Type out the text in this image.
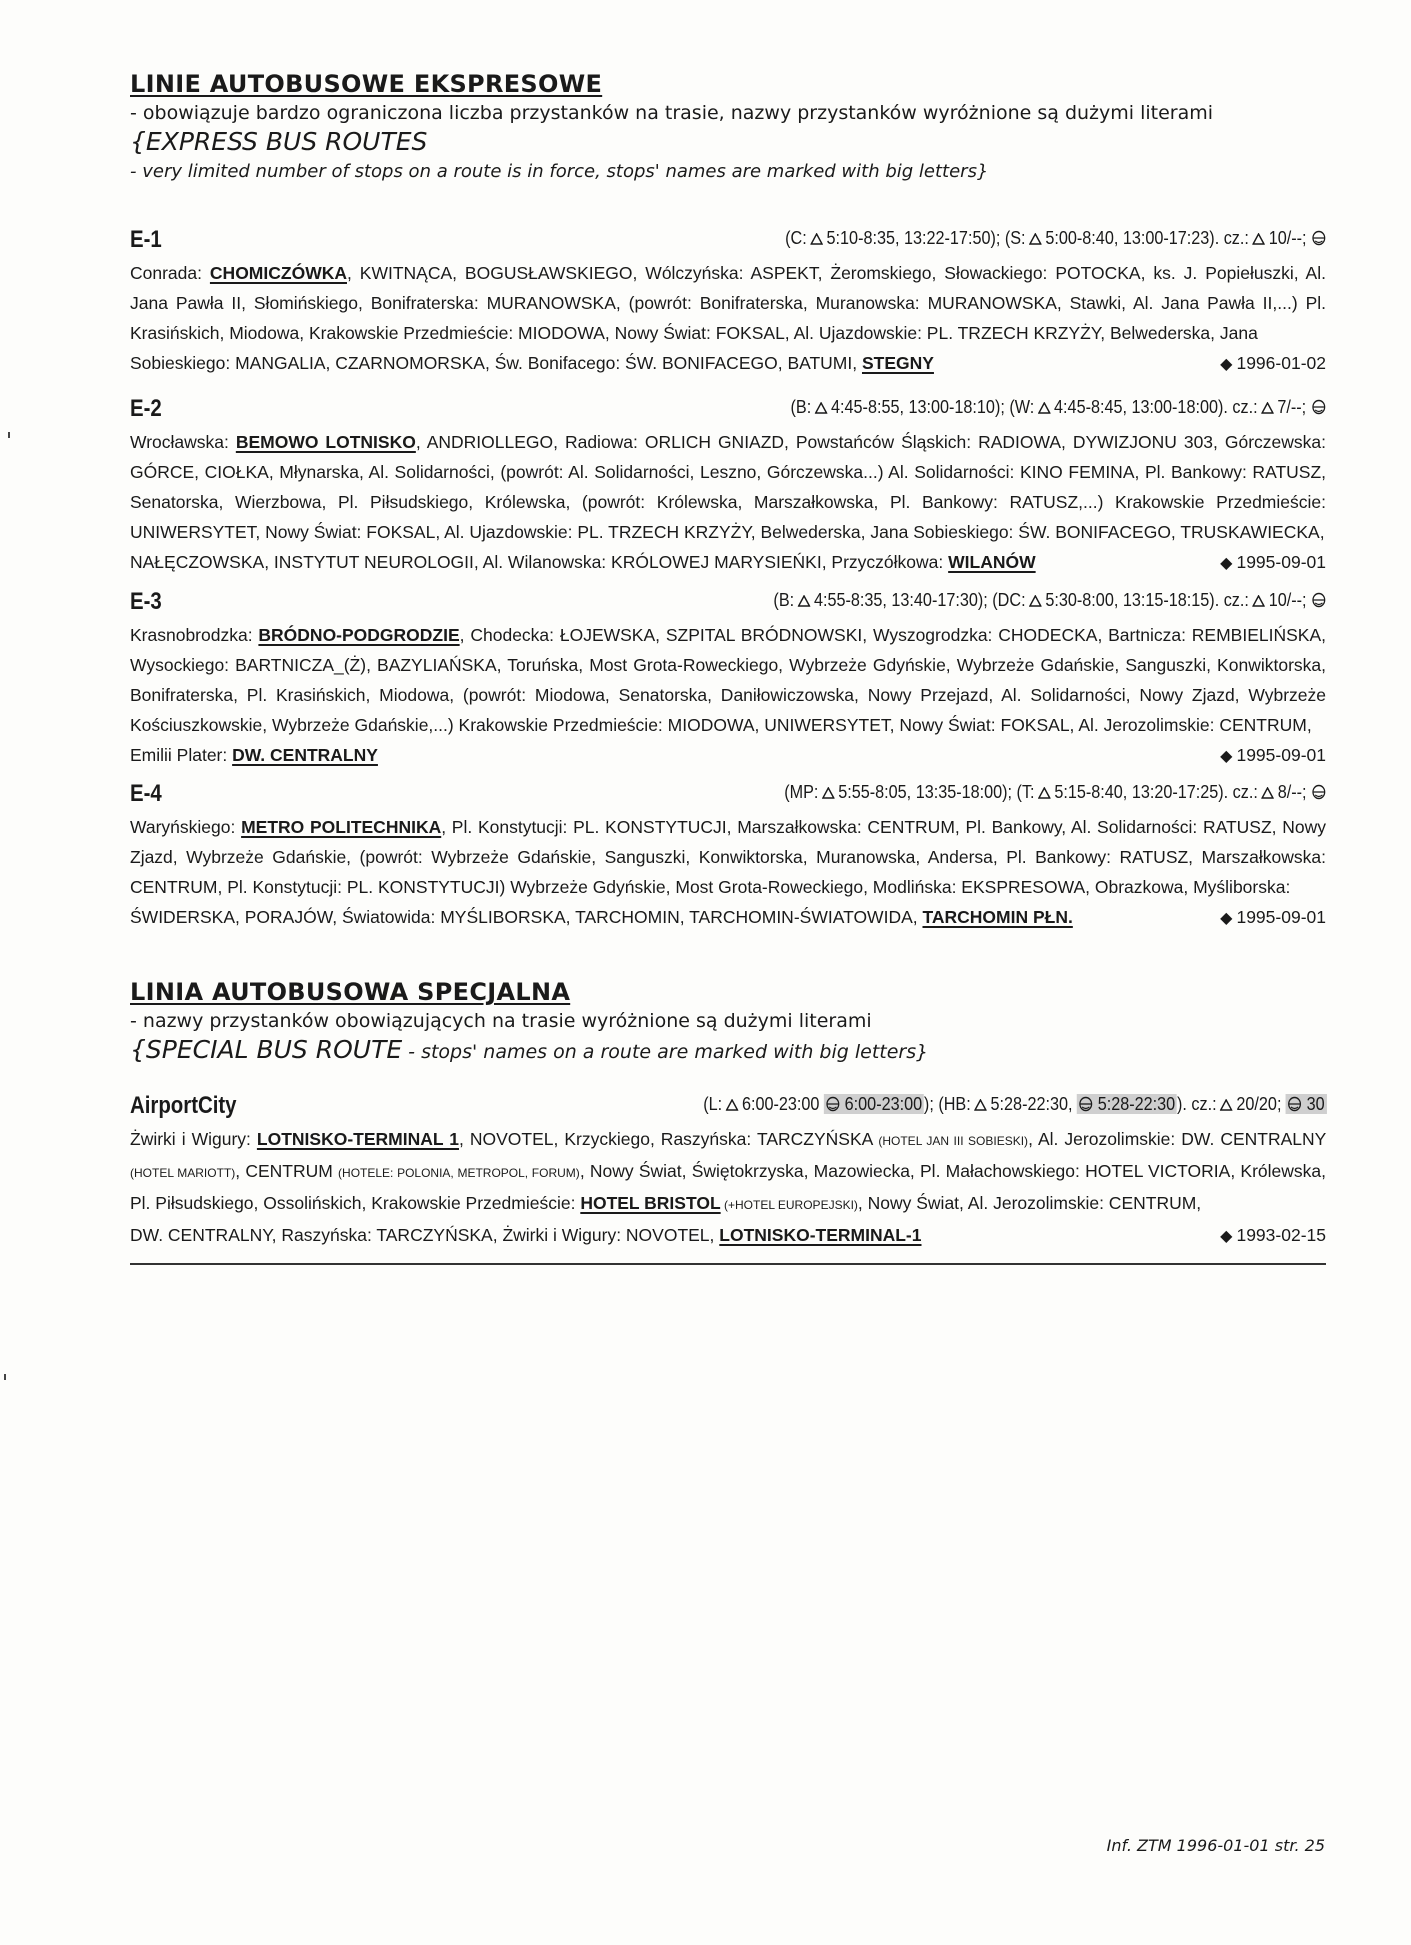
LINIE AUTOBUSOWE EKSPRESOWE
- obowiązuje bardzo ograniczona liczba przystanków na trasie, nazwy przystanków wyróżnione są dużymi literami
{EXPRESS BUS ROUTES
- very limited number of stops on a route is in force, stops' names are marked with big letters}
E-1	(C: 5:10-8:35, 13:22-17:50); (S: 5:00-8:40, 13:00-17:23). cz.: 10/--;
Conrada: CHOMICZÓWKA, KWITNĄCA, BOGUSŁAWSKIEGO, Wólczyńska: ASPEKT, Żeromskiego, Słowackiego: POTOCKA, ks. J. Popiełuszki, Al. Jana Pawła II, Słomińskiego, Bonifraterska: MURANOWSKA, (powrót: Bonifraterska, Muranowska: MURANOWSKA, Stawki, Al. Jana Pawła II,...) Pl. Krasińskich, Miodowa, Krakowskie Przedmieście: MIODOWA, Nowy Świat: FOKSAL, Al. Ujazdowskie: PL. TRZECH KRZYŻY, Belwederska, Jana
Sobieskiego: MANGALIA, CZARNOMORSKA, Św. Bonifacego: ŚW. BONIFACEGO, BATUMI, STEGNY	◆ 1996-01-02
E-2	(B: 4:45-8:55, 13:00-18:10); (W: 4:45-8:45, 13:00-18:00). cz.: 7/--;
Wrocławska: BEMOWO LOTNISKO, ANDRIOLLEGO, Radiowa: ORLICH GNIAZD, Powstańców Śląskich: RADIOWA, DYWIZJONU 303, Górczewska: GÓRCE, CIOŁKA, Młynarska, Al. Solidarności, (powrót: Al. Solidarności, Leszno, Górczewska...) Al. Solidarności: KINO FEMINA, Pl. Bankowy: RATUSZ, Senatorska, Wierzbowa, Pl. Piłsudskiego, Królewska, (powrót: Królewska, Marszałkowska, Pl. Bankowy: RATUSZ,...) Krakowskie Przedmieście: UNIWERSYTET, Nowy Świat: FOKSAL, Al. Ujazdowskie: PL. TRZECH KRZYŻY, Belwederska, Jana Sobieskiego: ŚW. BONIFACEGO, TRUSKAWIECKA,
NAŁĘCZOWSKA, INSTYTUT NEUROLOGII, Al. Wilanowska: KRÓLOWEJ MARYSIEŃKI, Przyczółkowa: WILANÓW	◆ 1995-09-01
E-3	(B: 4:55-8:35, 13:40-17:30); (DC: 5:30-8:00, 13:15-18:15). cz.: 10/--;
Krasnobrodzka: BRÓDNO-PODGRODZIE, Chodecka: ŁOJEWSKA, SZPITAL BRÓDNOWSKI, Wyszogrodzka: CHODECKA, Bartnicza: REMBIELIŃSKA, Wysockiego: BARTNICZA_(Ż), BAZYLIAŃSKA, Toruńska, Most Grota-Roweckiego, Wybrzeże Gdyńskie, Wybrzeże Gdańskie, Sanguszki, Konwiktorska, Bonifraterska, Pl. Krasińskich, Miodowa, (powrót: Miodowa, Senatorska, Daniłowiczowska, Nowy Przejazd, Al. Solidarności, Nowy Zjazd, Wybrzeże Kościuszkowskie, Wybrzeże Gdańskie,...) Krakowskie Przedmieście: MIODOWA, UNIWERSYTET, Nowy Świat: FOKSAL, Al. Jerozolimskie: CENTRUM,
Emilii Plater: DW. CENTRALNY	◆ 1995-09-01
E-4	(MP: 5:55-8:05, 13:35-18:00); (T: 5:15-8:40, 13:20-17:25). cz.: 8/--;
Waryńskiego: METRO POLITECHNIKA, Pl. Konstytucji: PL. KONSTYTUCJI, Marszałkowska: CENTRUM, Pl. Bankowy, Al. Solidarności: RATUSZ, Nowy Zjazd, Wybrzeże Gdańskie, (powrót: Wybrzeże Gdańskie, Sanguszki, Konwiktorska, Muranowska, Andersa, Pl. Bankowy: RATUSZ, Marszałkowska: CENTRUM, Pl. Konstytucji: PL. KONSTYTUCJI) Wybrzeże Gdyńskie, Most Grota-Roweckiego, Modlińska: EKSPRESOWA, Obrazkowa, Myśliborska:
ŚWIDERSKA, PORAJÓW, Światowida: MYŚLIBORSKA, TARCHOMIN, TARCHOMIN-ŚWIATOWIDA, TARCHOMIN PŁN.	◆ 1995-09-01
LINIA AUTOBUSOWA SPECJALNA
- nazwy przystanków obowiązujących na trasie wyróżnione są dużymi literami
{SPECIAL BUS ROUTE - stops' names on a route are marked with big letters}
AirportCity	(L: 6:00-23:00 6:00-23:00); (HB: 5:28-22:30, 5:28-22:30 ). cz.: 20/20; 30
Żwirki i Wigury: LOTNISKO-TERMINAL 1, NOVOTEL, Krzyckiego, Raszyńska: TARCZYŃSKA (HOTEL JAN III SOBIESKI), Al. Jerozolimskie: DW. CENTRALNY (HOTEL MARIOTT), CENTRUM (HOTELE: POLONIA, METROPOL, FORUM), Nowy Świat, Świętokrzyska, Mazowiecka, Pl. Małachowskiego: HOTEL VICTORIA, Królewska, Pl. Piłsudskiego, Ossolińskich, Krakowskie Przedmieście: HOTEL BRISTOL (+HOTEL EUROPEJSKI), Nowy Świat, Al. Jerozolimskie: CENTRUM,
DW. CENTRALNY, Raszyńska: TARCZYŃSKA, Żwirki i Wigury: NOVOTEL, LOTNISKO-TERMINAL-1	◆ 1993-02-15
Inf. ZTM 1996-01-01 str. 25
